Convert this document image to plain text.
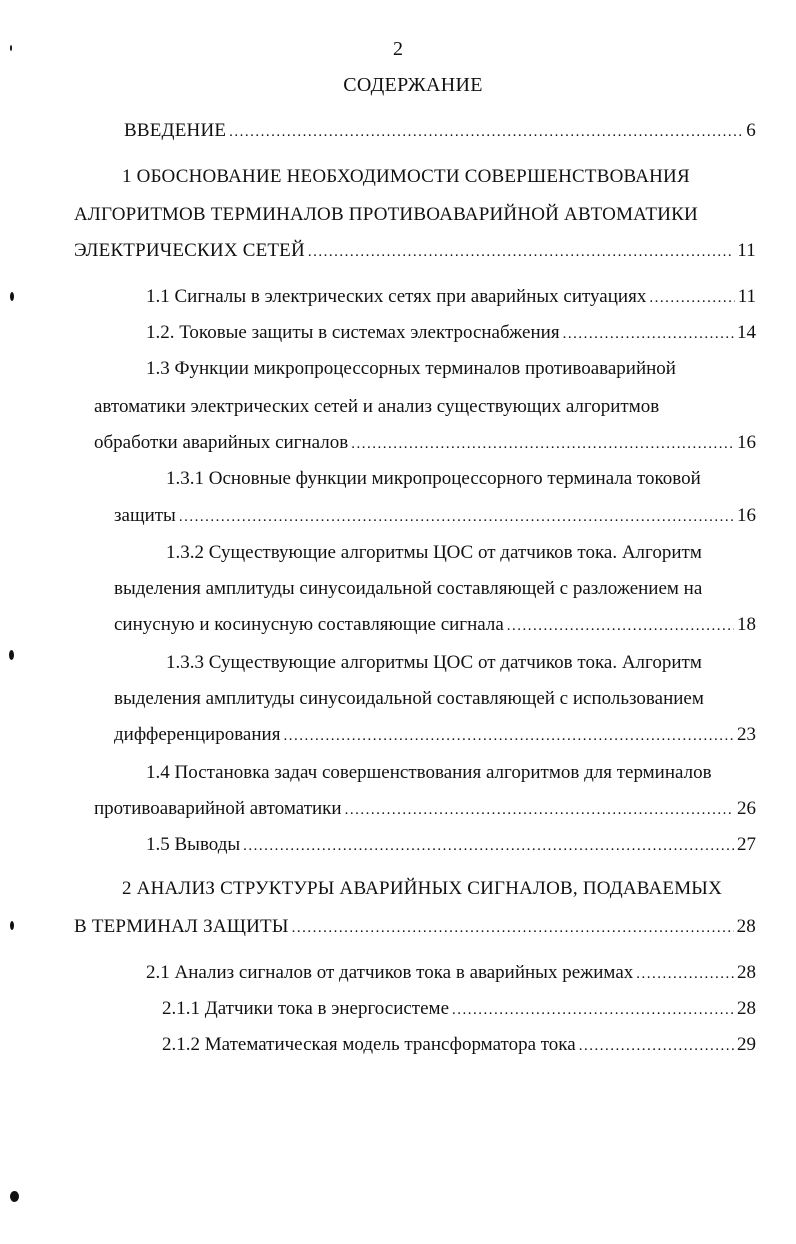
2
СОДЕРЖАНИЕ
ВВЕДЕНИЕ .....	6
1 ОБОСНОВАНИЕ НЕОБХОДИМОСТИ СОВЕРШЕНСТВОВАНИЯ
АЛГОРИТМОВ ТЕРМИНАЛОВ ПРОТИВОАВАРИЙНОЙ АВТОМАТИКИ
ЭЛЕКТРИЧЕСКИХ СЕТЕЙ .....	11
1.1 Сигналы в электрических сетях при аварийных ситуациях .....	11
1.2. Токовые защиты в системах электроснабжения .....	14
1.3 Функции микропроцессорных терминалов противоаварийной
автоматики электрических сетей и анализ существующих алгоритмов
обработки аварийных сигналов .....	16
1.3.1 Основные функции микропроцессорного терминала токовой
защиты .....	16
1.3.2 Существующие алгоритмы ЦОС от датчиков тока. Алгоритм
выделения амплитуды синусоидальной составляющей с разложением на
синусную и косинусную составляющие сигнала .....	18
1.3.3 Существующие алгоритмы ЦОС от датчиков тока. Алгоритм
выделения амплитуды синусоидальной составляющей с использованием
дифференцирования .....	23
1.4 Постановка задач совершенствования алгоритмов для терминалов
противоаварийной автоматики .....	26
1.5 Выводы .....	27
2 АНАЛИЗ СТРУКТУРЫ АВАРИЙНЫХ СИГНАЛОВ, ПОДАВАЕМЫХ
В ТЕРМИНАЛ ЗАЩИТЫ .....	28
2.1 Анализ сигналов от датчиков тока в аварийных режимах .....	28
2.1.1 Датчики тока в энергосистеме .....	28
2.1.2 Математическая модель трансформатора тока .....	29
